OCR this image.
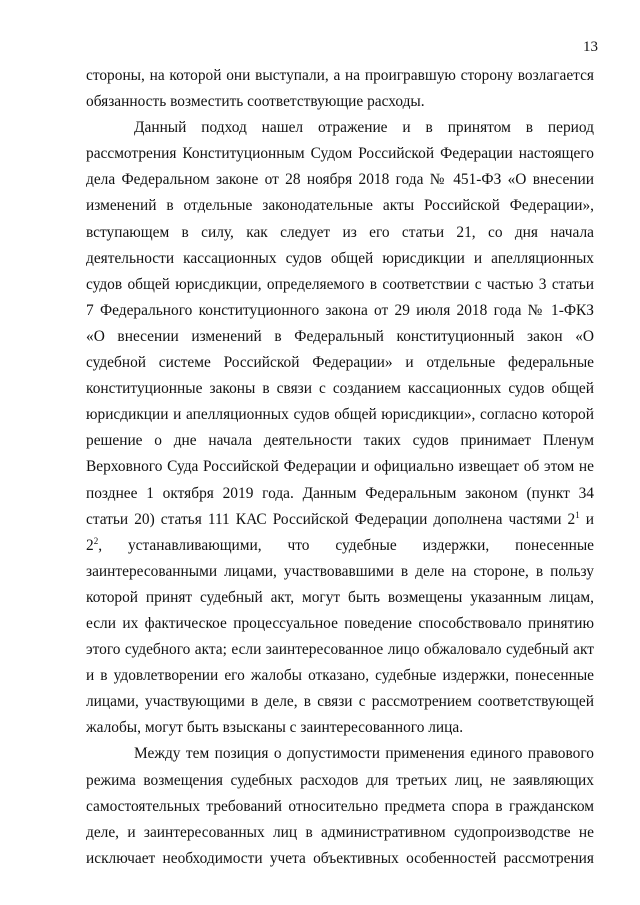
13

стороны, на которой они выступали, а на проигравшую сторону возлагается
обязанность возместить соответствующие расходы.

Данный подход нашел отражение и в принятом в период
рассмотрения Конституционным Судом Российской Федерации настоящего
дела Федеральном законе от 28 ноября 2018 года № 451-ФЗ «О внесении
изменений в отдельные законодательные акты Российской Федерации»,
вступающем в силу, как следует из его статьи 21, со дня начала
деятельности кассационных судов общей юрисдикции и апелляционных
судов общей юрисдикции, определяемого в соответствии с частью 3 статьи
7 Федерального конституционного закона от 29 июля 2018 года № 1-ФКЗ
«О внесении изменений в Федеральный конституционный закон «О
судебной системе Российской Федерации» и отдельные федеральные
конституционные законы в связи с созданием кассационных судов общей
юрисдикции и апелляционных судов общей юрисдикции», согласно которой
решение о дне начала деятельности таких судов принимает Пленум
Верховного Суда Российской Федерации и официально извещает об этом не
позднее 1 октября 2019 года. Данным Федеральным законом (пункт 34
статьи 20) статья 111 КАС Российской Федерации дополнена частями $2^1$ и
$2^2$, устанавливающими, что судебные издержки, понесенные
заинтересованными лицами, участвовавшими в деле на стороне, в пользу
которой принят судебный акт, могут быть возмещены указанным лицам,
если их фактическое процессуальное поведение способствовало принятию
этого судебного акта; если заинтересованное лицо обжаловало судебный акт
и в удовлетворении его жалобы отказано, судебные издержки, понесенные
лицами, участвующими в деле, в связи с рассмотрением соответствующей
жалобы, могут быть взысканы с заинтересованного лица.

Между тем позиция о допустимости применения единого правового
режима возмещения судебных расходов для третьих лиц, не заявляющих
самостоятельных требований относительно предмета спора в гражданском
деле, и заинтересованных лиц в административном судопроизводстве не
исключает необходимости учета объективных особенностей рассмотрения
